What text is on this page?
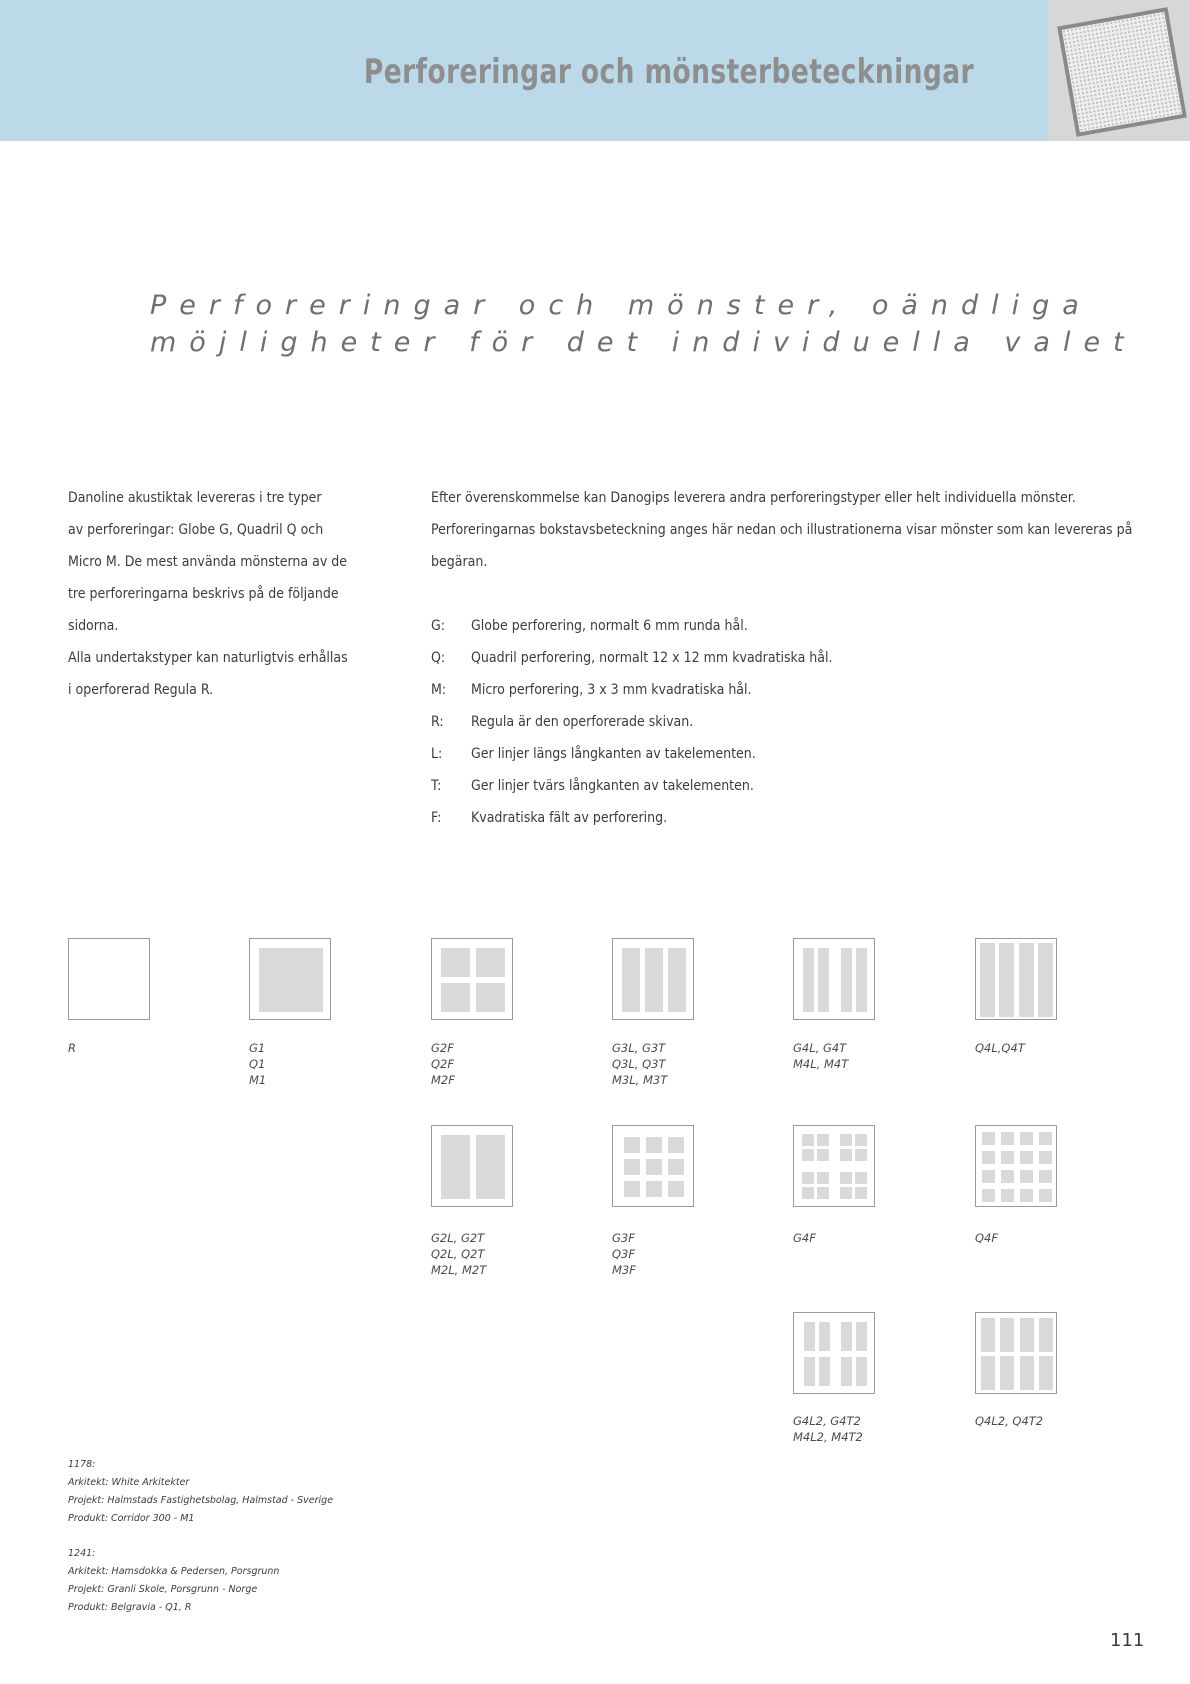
Perforeringar och mönsterbeteckningar
Perforeringar och mönster, oändliga
möjligheter för det individuella valet
Danoline akustiktak levereras i tre typer
av perforeringar: Globe G, Quadril Q och
Micro M. De mest använda mönsterna av de
tre perforeringarna beskrivs på de följande
sidorna.
Alla undertakstyper kan naturligtvis erhållas
i operforerad Regula R.
Efter överenskommelse kan Danogips leverera andra perforeringstyper eller helt individuella mönster.
Perforeringarnas bokstavsbeteckning anges här nedan och illustrationerna visar mönster som kan levereras på
begäran.
G: Globe perforering, normalt 6 mm runda hål.
Q: Quadril perforering, normalt 12 x 12 mm kvadratiska hål.
M: Micro perforering, 3 x 3 mm kvadratiska hål.
R: Regula är den operforerade skivan.
L: Ger linjer längs långkanten av takelementen.
T: Ger linjer tvärs långkanten av takelementen.
F: Kvadratiska fält av perforering.
R	G1
Q1
M1
G2F
Q2F
M2F
G3L, G3T
Q3L, Q3T
M3L, M3T
G4L, G4T
M4L, M4T
Q4L,Q4T
G2L, G2T
Q2L, Q2T
M2L, M2T
G3F
Q3F
M3F
G4F	Q4F
G4L2, G4T2
M4L2, M4T2
Q4L2, Q4T2
1178:
Arkitekt: White Arkitekter
Projekt: Halmstads Fastighetsbolag, Halmstad - Sverige
Produkt: Corridor 300 - M1
1241:
Arkitekt: Hamsdokka & Pedersen, Porsgrunn
Projekt: Granli Skole, Porsgrunn - Norge
Produkt: Belgravia - Q1, R
111
